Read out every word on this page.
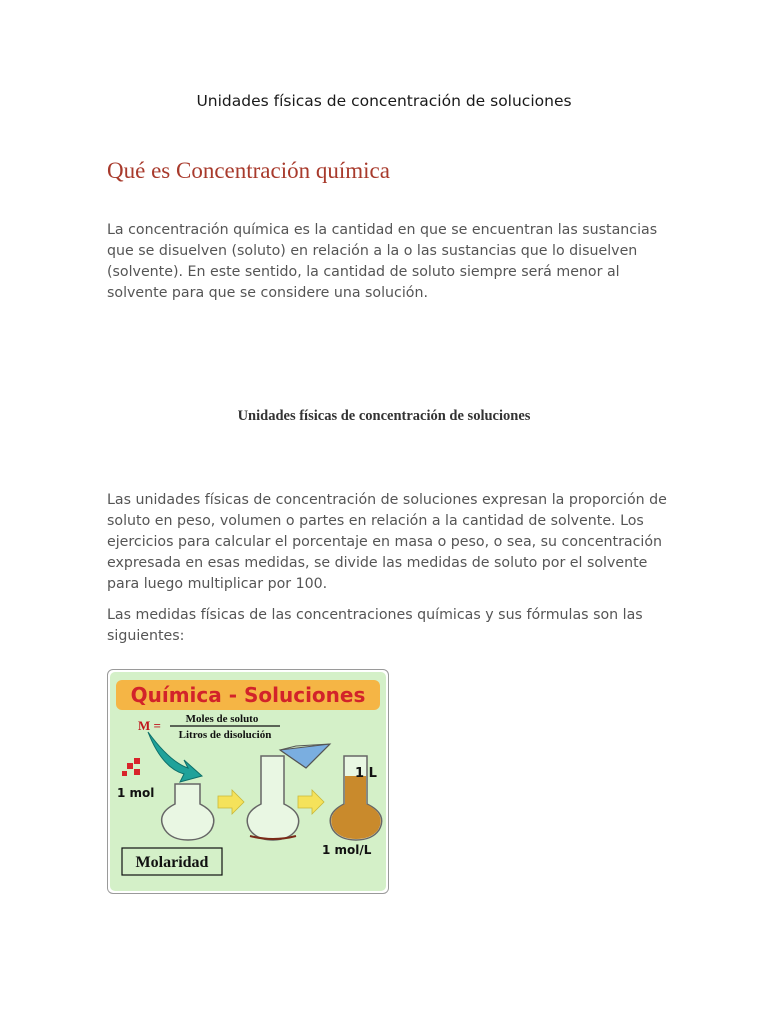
Unidades físicas de concentración de soluciones
Qué es Concentración química

La concentración química es la cantidad en que se encuentran las sustancias que se disuelven (soluto) en relación a la o las sustancias que lo disuelven (solvente). En este sentido, la cantidad de soluto siempre será menor al solvente para que se considere una solución.

Unidades físicas de concentración de soluciones

Las unidades físicas de concentración de soluciones expresan la proporción de soluto en peso, volumen o partes en relación a la cantidad de solvente. Los ejercicios para calcular el porcentaje en masa o peso, o sea, su concentración expresada en esas medidas, se divide las medidas de soluto por el solvente para luego multiplicar por 100.

Las medidas físicas de las concentraciones químicas y sus fórmulas son las siguientes:

Química - Soluciones
M = Moles de soluto
Litros de disolución
1 mol
1 L
1 mol/L
Molaridad
